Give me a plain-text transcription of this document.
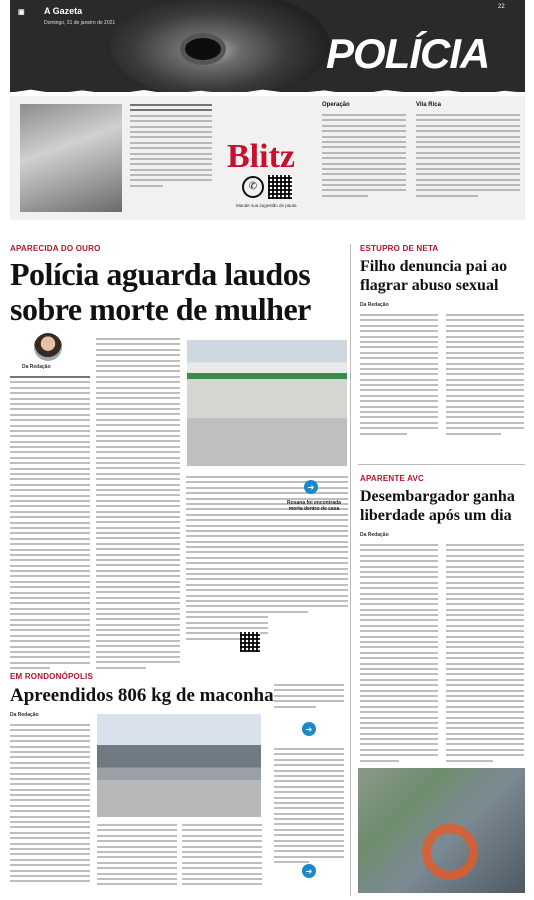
▣ A Gazeta
Domingo, 31 de janeiro de 2021
22
POLÍCIA
Blitz
✆
Mande sua sugestão de pauta
Operação	Vila Rica
APARECIDA DO OURO
Polícia aguarda laudos
sobre morte de mulher
Da Redação
➜
Rosana foi encontrada morta dentro de casa
EM RONDONÓPOLIS
Apreendidos 806 kg de maconha
Da Redação
➜
➜
ESTUPRO DE NETA
Filho denuncia pai ao
flagrar abuso sexual
Da Redação
APARENTE AVC
Desembargador ganha
liberdade após um dia
Da Redação
